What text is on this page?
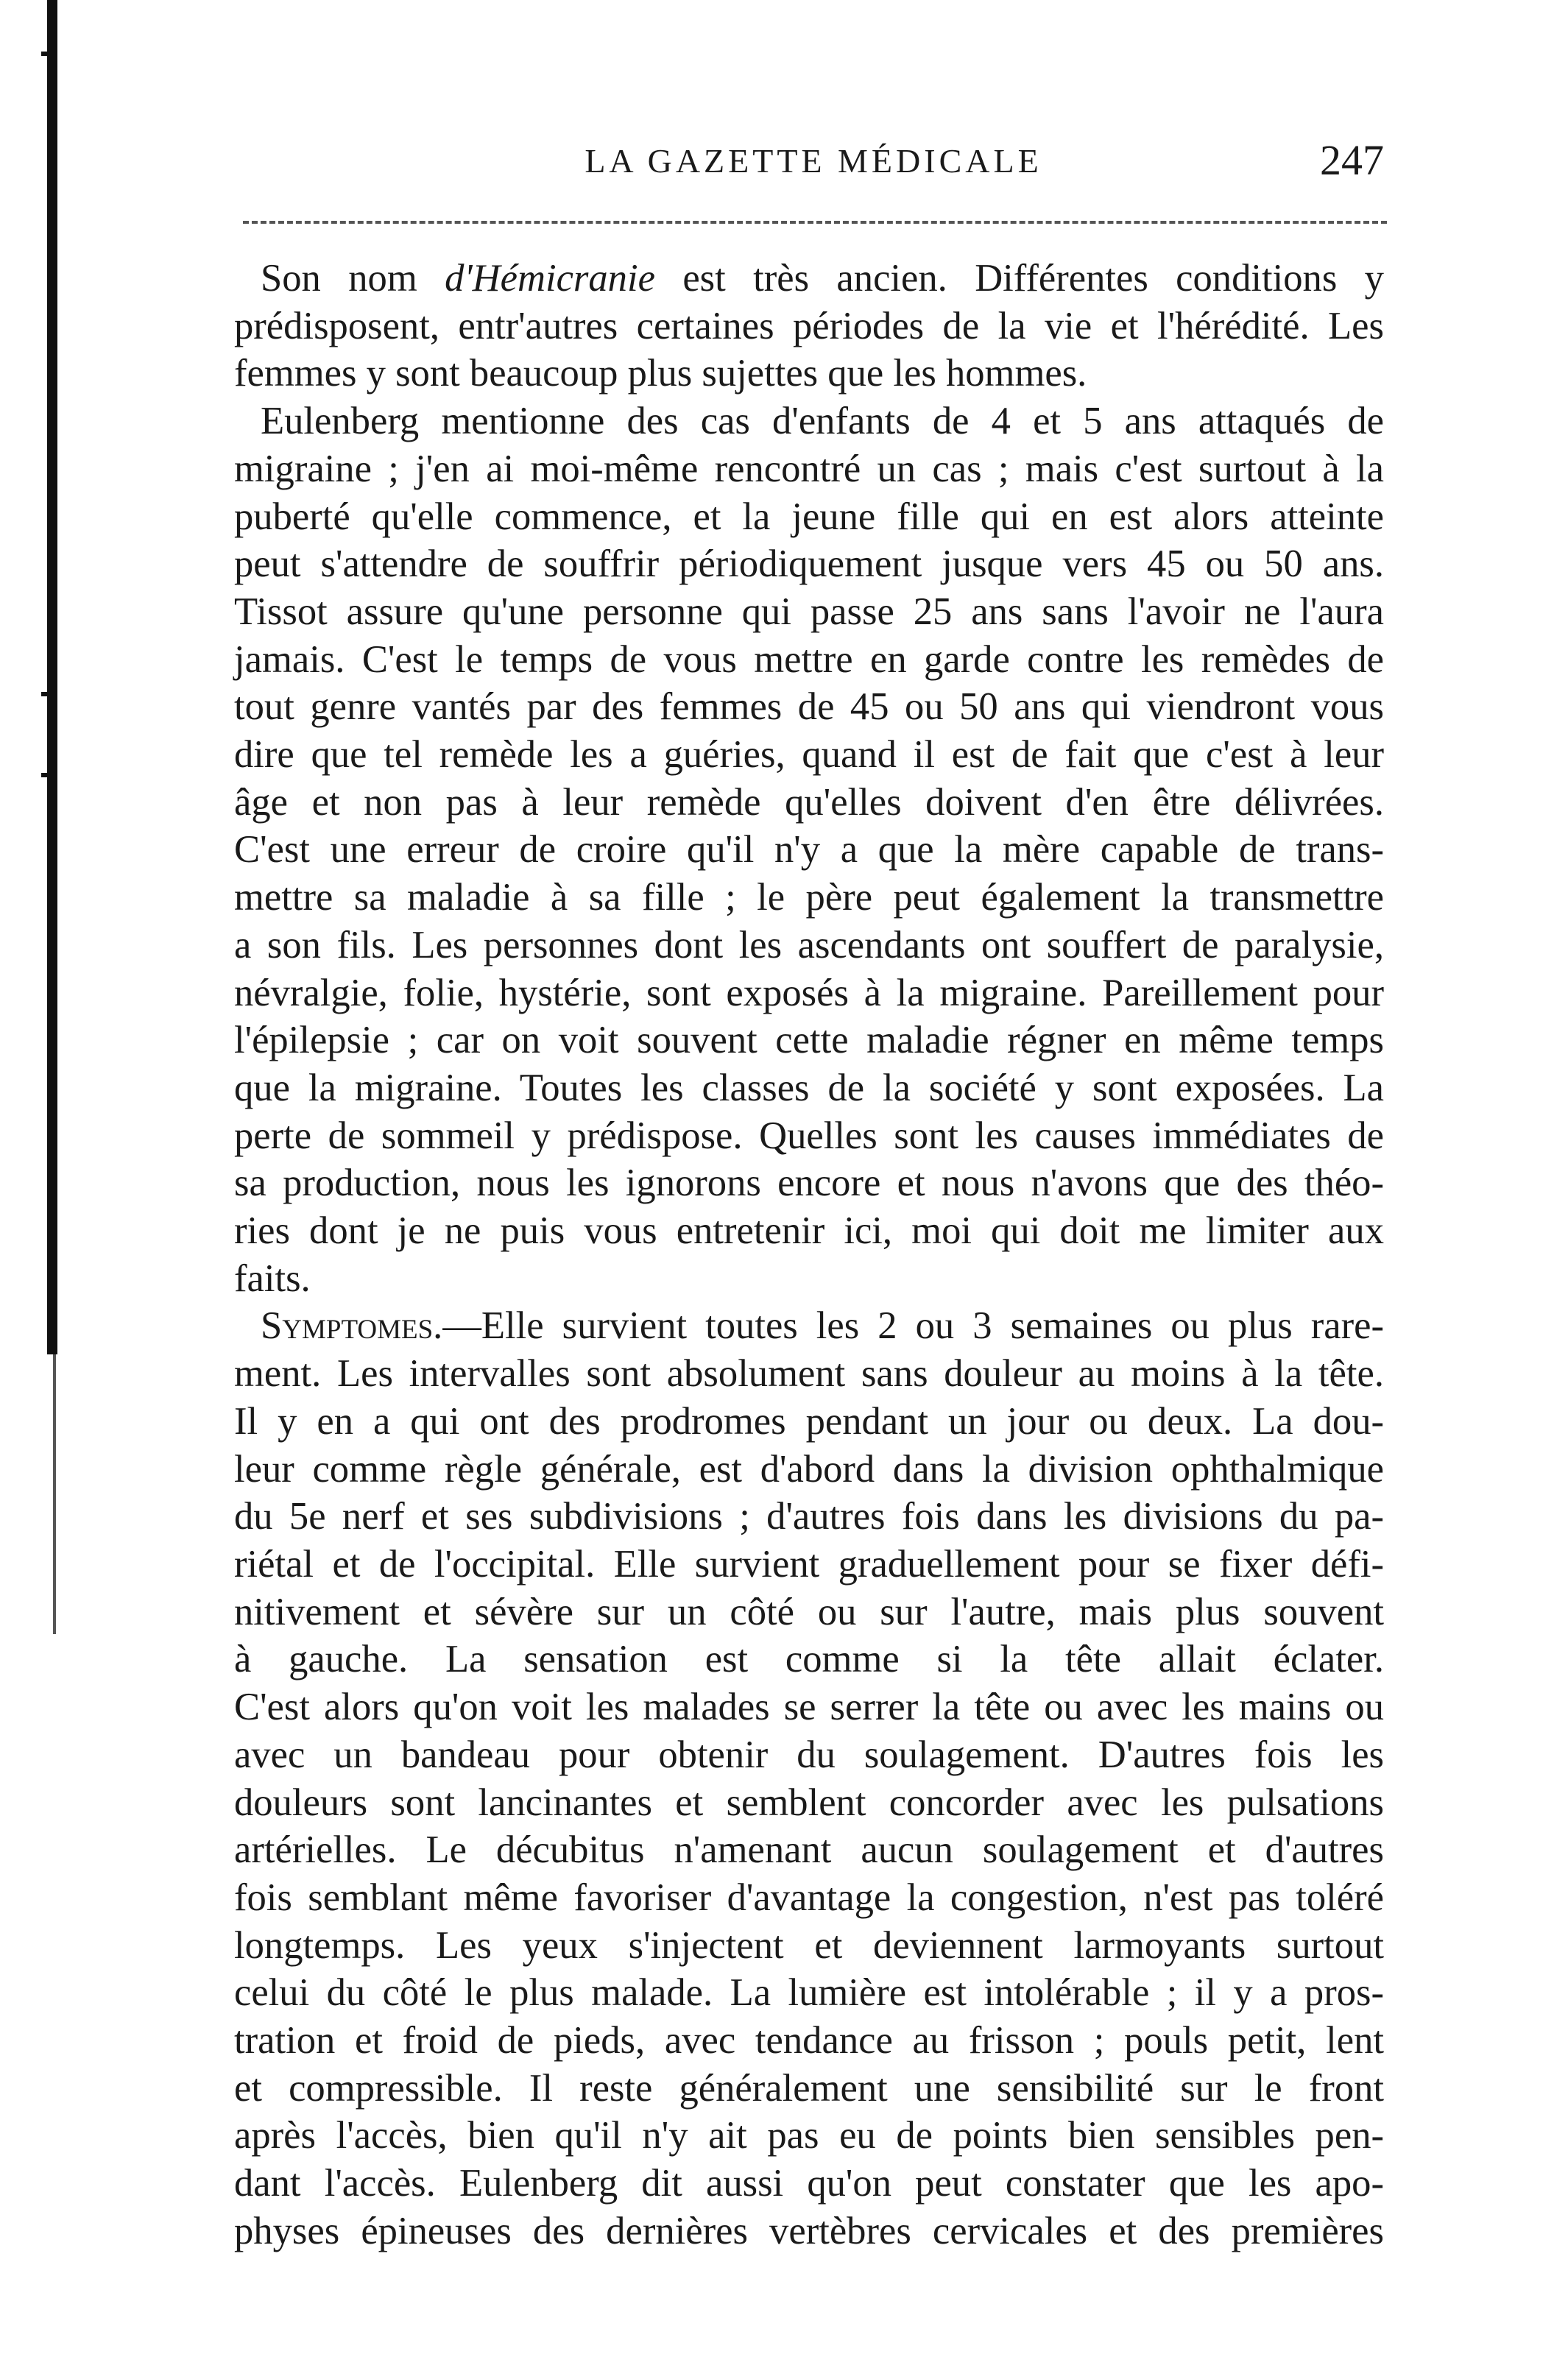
LA GAZETTE MÉDICALE	247
Son nom d'Hémicranie est très ancien. Différentes conditions y
prédisposent, entr'autres certaines périodes de la vie et l'hérédité. Les
femmes y sont beaucoup plus sujettes que les hommes.
Eulenberg mentionne des cas d'enfants de 4 et 5 ans attaqués de
migraine ; j'en ai moi-même rencontré un cas ; mais c'est surtout à la
puberté qu'elle commence, et la jeune fille qui en est alors atteinte
peut s'attendre de souffrir périodiquement jusque vers 45 ou 50 ans.
Tissot assure qu'une personne qui passe 25 ans sans l'avoir ne l'aura
jamais. C'est le temps de vous mettre en garde contre les remèdes de
tout genre vantés par des femmes de 45 ou 50 ans qui viendront vous
dire que tel remède les a guéries, quand il est de fait que c'est à leur
âge et non pas à leur remède qu'elles doivent d'en être délivrées.
C'est une erreur de croire qu'il n'y a que la mère capable de trans-
mettre sa maladie à sa fille ; le père peut également la transmettre
a son fils. Les personnes dont les ascendants ont souffert de paralysie,
névralgie, folie, hystérie, sont exposés à la migraine. Pareillement pour
l'épilepsie ; car on voit souvent cette maladie régner en même temps
que la migraine. Toutes les classes de la société y sont exposées. La
perte de sommeil y prédispose. Quelles sont les causes immédiates de
sa production, nous les ignorons encore et nous n'avons que des théo-
ries dont je ne puis vous entretenir ici, moi qui doit me limiter aux
faits.
Symptomes.—Elle survient toutes les 2 ou 3 semaines ou plus rare-
ment. Les intervalles sont absolument sans douleur au moins à la tête.
Il y en a qui ont des prodromes pendant un jour ou deux. La dou-
leur comme règle générale, est d'abord dans la division ophthalmique
du 5e nerf et ses subdivisions ; d'autres fois dans les divisions du pa-
riétal et de l'occipital. Elle survient graduellement pour se fixer défi-
nitivement et sévère sur un côté ou sur l'autre, mais plus souvent
à gauche. La sensation est comme si la tête allait éclater.
C'est alors qu'on voit les malades se serrer la tête ou avec les mains ou
avec un bandeau pour obtenir du soulagement. D'autres fois les
douleurs sont lancinantes et semblent concorder avec les pulsations
artérielles. Le décubitus n'amenant aucun soulagement et d'autres
fois semblant même favoriser d'avantage la congestion, n'est pas toléré
longtemps. Les yeux s'injectent et deviennent larmoyants surtout
celui du côté le plus malade. La lumière est intolérable ; il y a pros-
tration et froid de pieds, avec tendance au frisson ; pouls petit, lent
et compressible. Il reste généralement une sensibilité sur le front
après l'accès, bien qu'il n'y ait pas eu de points bien sensibles pen-
dant l'accès. Eulenberg dit aussi qu'on peut constater que les apo-
physes épineuses des dernières vertèbres cervicales et des premières
